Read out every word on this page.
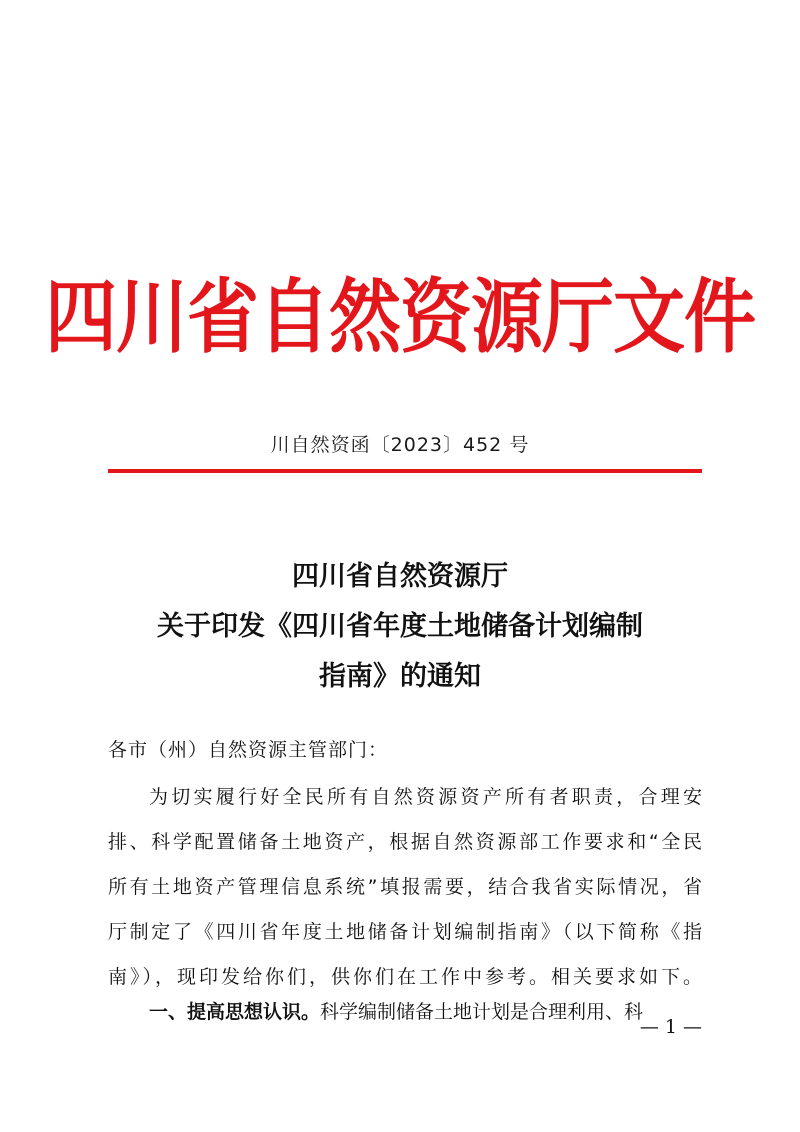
四川省自然资源厅文件
川自然资函〔2023〕452 号
四川省自然资源厅
关于印发《四川省年度土地储备计划编制
指南》的通知
各市（州）自然资源主管部门：
为切实履行好全民所有自然资源资产所有者职责，合理安
排、科学配置储备土地资产，根据自然资源部工作要求和“全民
所有土地资产管理信息系统”填报需要，结合我省实际情况，省
厅制定了《四川省年度土地储备计划编制指南》（以下简称《指
南》），现印发给你们，供你们在工作中参考。相关要求如下。
一、提高思想认识。科学编制储备土地计划是合理利用、科
— 1 —
